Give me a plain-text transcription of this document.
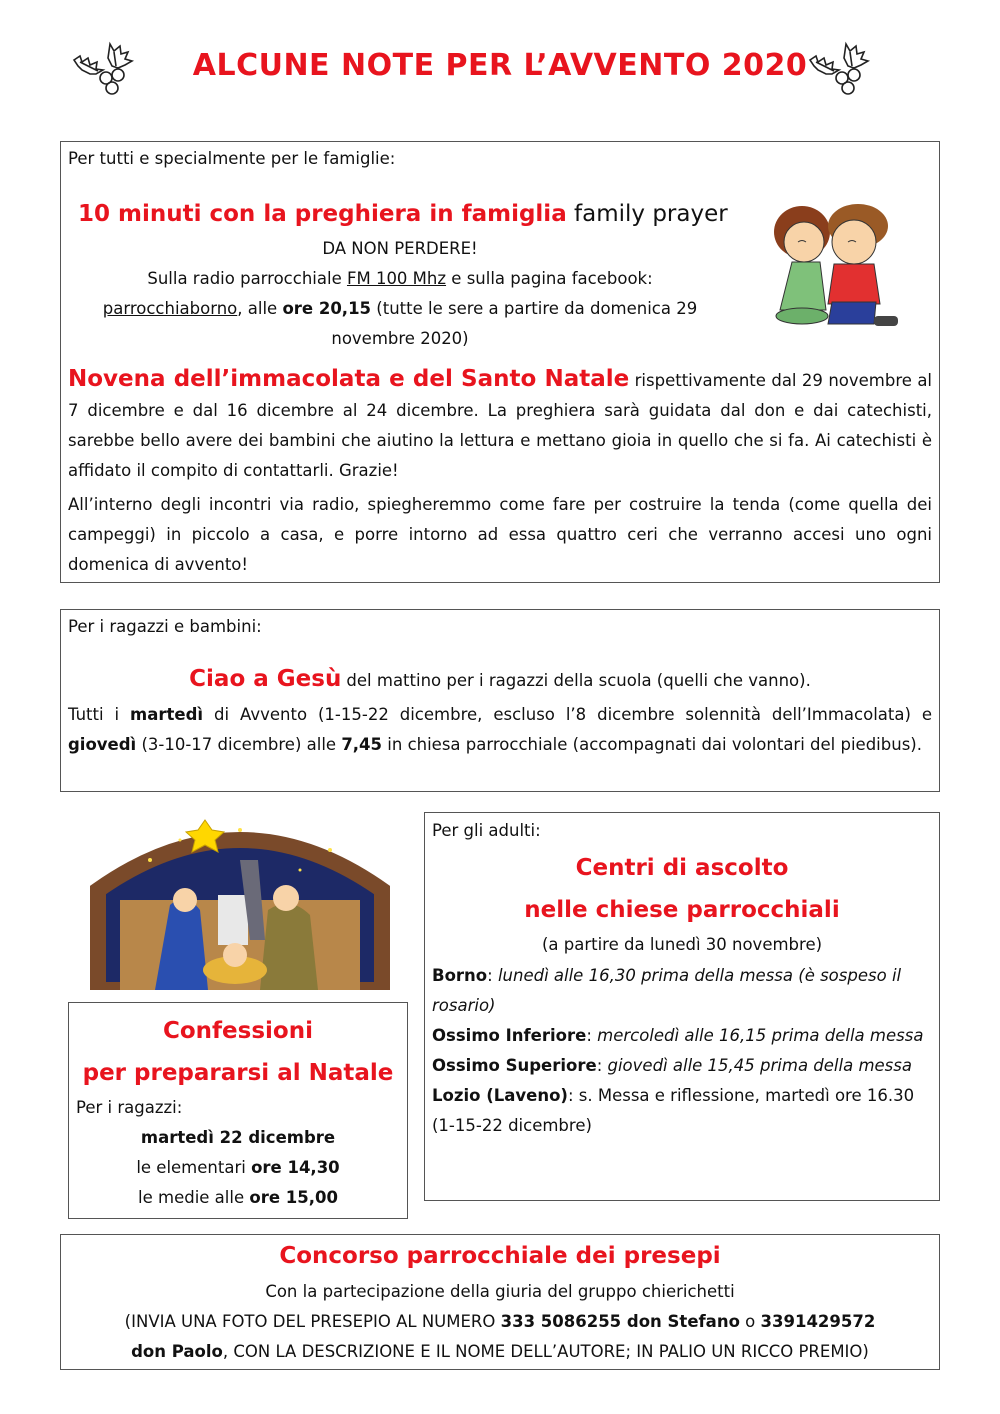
ALCUNE NOTE PER L’AVVENTO 2020
Per tutti e specialmente per le famiglie:
10 minuti con la preghiera in famiglia family prayer
DA NON PERDERE!
Sulla radio parrocchiale FM 100 Mhz e sulla pagina facebook:
parrocchiaborno, alle ore 20,15 (tutte le sere a partire da domenica 29
novembre 2020)
Novena dell’immacolata e del Santo Natale rispettivamente dal 29 novembre al 7 dicembre e dal 16 dicembre al 24 dicembre. La preghiera sarà guidata dal don e dai catechisti, sarebbe bello avere dei bambini che aiutino la lettura e mettano gioia in quello che si fa. Ai catechisti è affidato il compito di contattarli. Grazie!
All’interno degli incontri via radio, spiegheremmo come fare per costruire la tenda (come quella dei campeggi) in piccolo a casa, e porre intorno ad essa quattro ceri che verranno accesi uno ogni domenica di avvento!
Per i ragazzi e bambini:
Ciao a Gesù del mattino per i ragazzi della scuola (quelli che vanno).
Tutti i martedì di Avvento (1-15-22 dicembre, escluso l’8 dicembre solennità dell’Immacolata) e giovedì (3-10-17 dicembre) alle 7,45 in chiesa parrocchiale (accompagnati dai volontari del piedibus).
Confessioni
per prepararsi al Natale
Per i ragazzi:
martedì 22 dicembre
le elementari ore 14,30
le medie alle ore 15,00
Per gli adulti:
Centri di ascolto
nelle chiese parrocchiali
(a partire da lunedì 30 novembre)
Borno: lunedì alle 16,30 prima della messa (è sospeso il rosario)
Ossimo Inferiore: mercoledì alle 16,15 prima della messa
Ossimo Superiore: giovedì alle 15,45 prima della messa
Lozio (Laveno): s. Messa e riflessione, martedì ore 16.30 (1-15-22 dicembre)
Concorso parrocchiale dei presepi
Con la partecipazione della giuria del gruppo chierichetti
(INVIA UNA FOTO DEL PRESEPIO AL NUMERO 333 5086255 don Stefano o 3391429572
don Paolo, CON LA DESCRIZIONE E IL NOME DELL’AUTORE; IN PALIO UN RICCO PREMIO)
